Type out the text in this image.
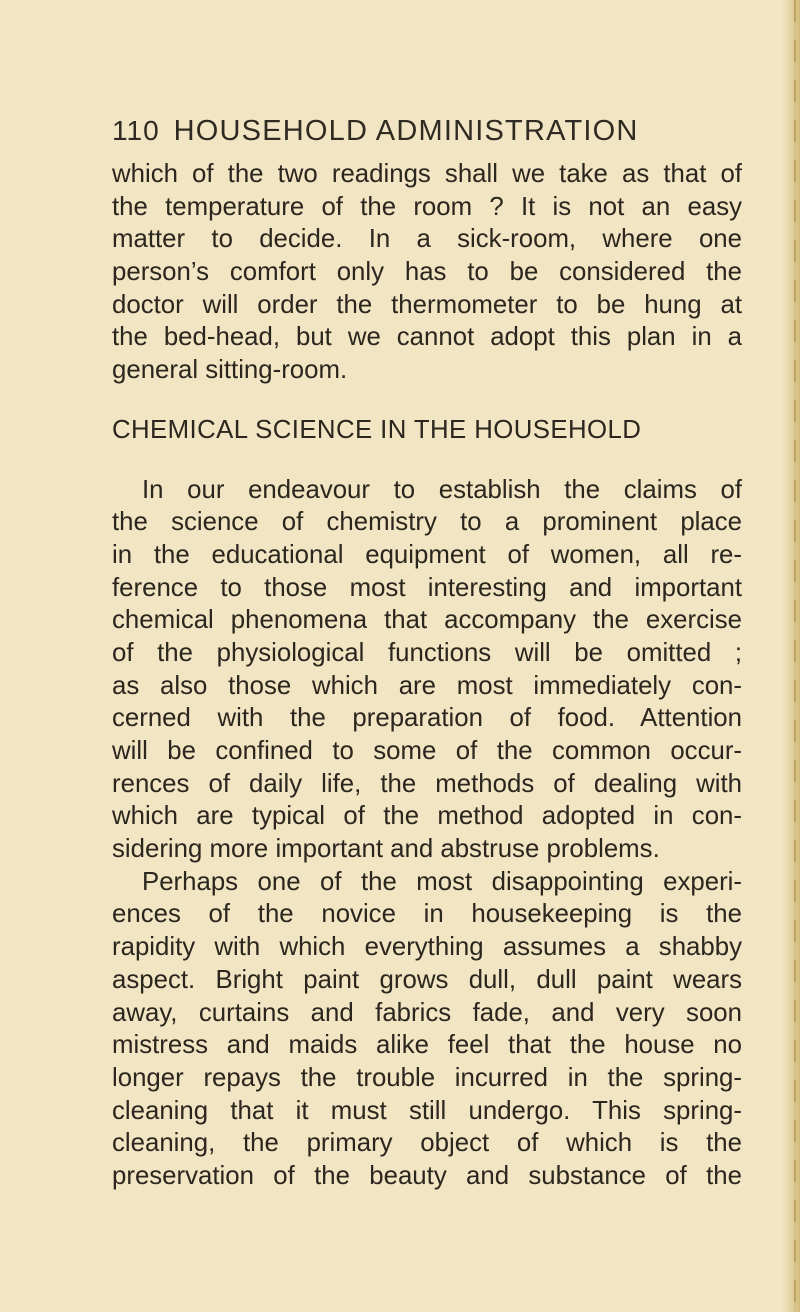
110 HOUSEHOLD ADMINISTRATION
which of the two readings shall we take as that of
the temperature of the room ? It is not an easy
matter to decide. In a sick-room, where one
person’s comfort only has to be considered the
doctor will order the thermometer to be hung at
the bed-head, but we cannot adopt this plan in a
general sitting-room.
CHEMICAL SCIENCE IN THE HOUSEHOLD
In our endeavour to establish the claims of
the science of chemistry to a prominent place
in the educational equipment of women, all re-
ference to those most interesting and important
chemical phenomena that accompany the exercise
of the physiological functions will be omitted ;
as also those which are most immediately con-
cerned with the preparation of food. Attention
will be confined to some of the common occur-
rences of daily life, the methods of dealing with
which are typical of the method adopted in con-
sidering more important and abstruse problems.
Perhaps one of the most disappointing experi-
ences of the novice in housekeeping is the
rapidity with which everything assumes a shabby
aspect. Bright paint grows dull, dull paint wears
away, curtains and fabrics fade, and very soon
mistress and maids alike feel that the house no
longer repays the trouble incurred in the spring-
cleaning that it must still undergo. This spring-
cleaning, the primary object of which is the
preservation of the beauty and substance of the
